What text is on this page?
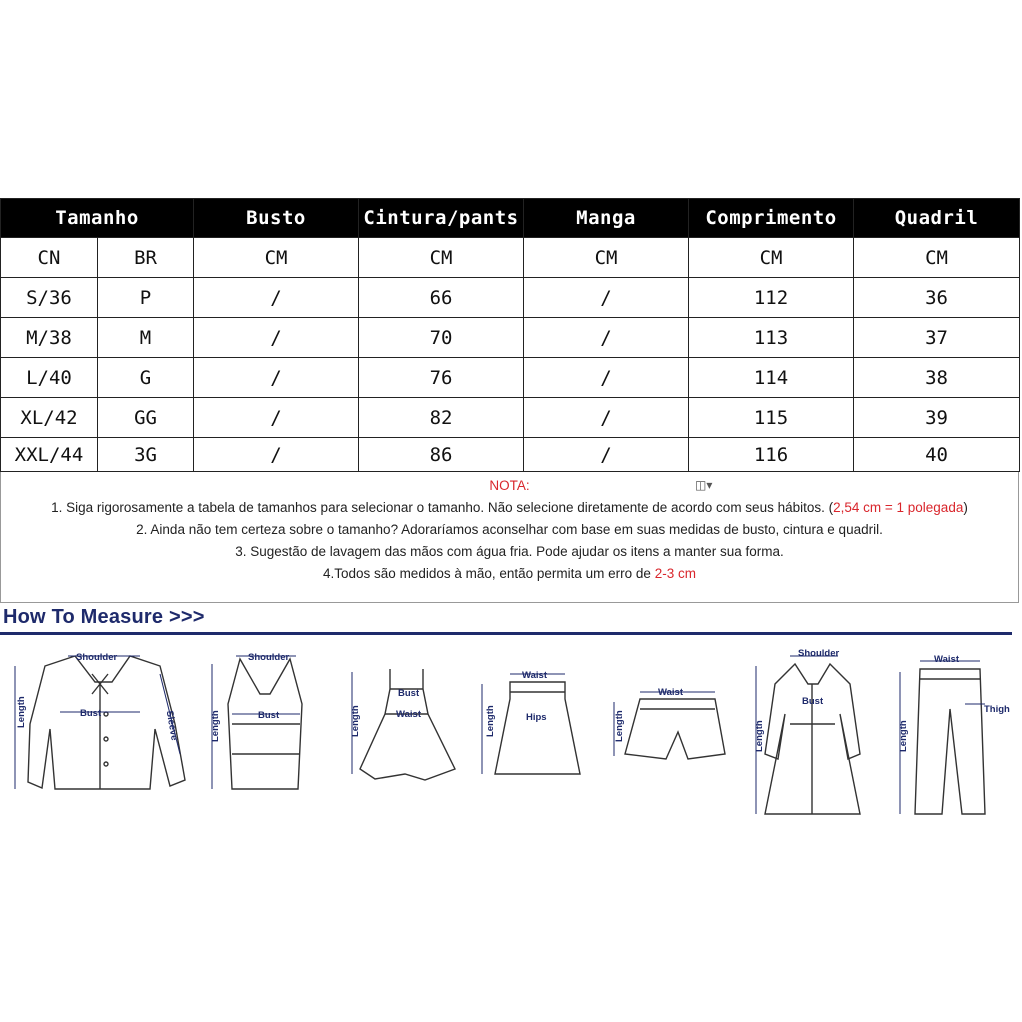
Tamanho		Busto	Cintura/pants	Manga	Comprimento	Quadril
CN	BR	CM	CM	CM	CM	CM
S/36	P	/	66	/	112	36
M/38	M	/	70	/	113	37
L/40	G	/	76	/	114	38
XL/42	GG	/	82	/	115	39
XXL/44	3G	/	86	/	116	40
◫▾
NOTA:
1. Siga rigorosamente a tabela de tamanhos para selecionar o tamanho. Não selecione diretamente de acordo com seus hábitos. (2,54 cm = 1 polegada)
2. Ainda não tem certeza sobre o tamanho? Adoraríamos aconselhar com base em suas medidas de busto, cintura e quadril.
3. Sugestão de lavagem das mãos com água fria. Pode ajudar os itens a manter sua forma.
4.Todos são medidos à mão, então permita um erro de 2-3 cm
How To Measure >>>
Shoulder
Bust
Length	Sleeve
Shoulder
Bust
Length
Bust
Waist
Length
Waist
Hips
Length
Waist
Length
Shoulder
Bust
Length
Waist
Thigh
Length
